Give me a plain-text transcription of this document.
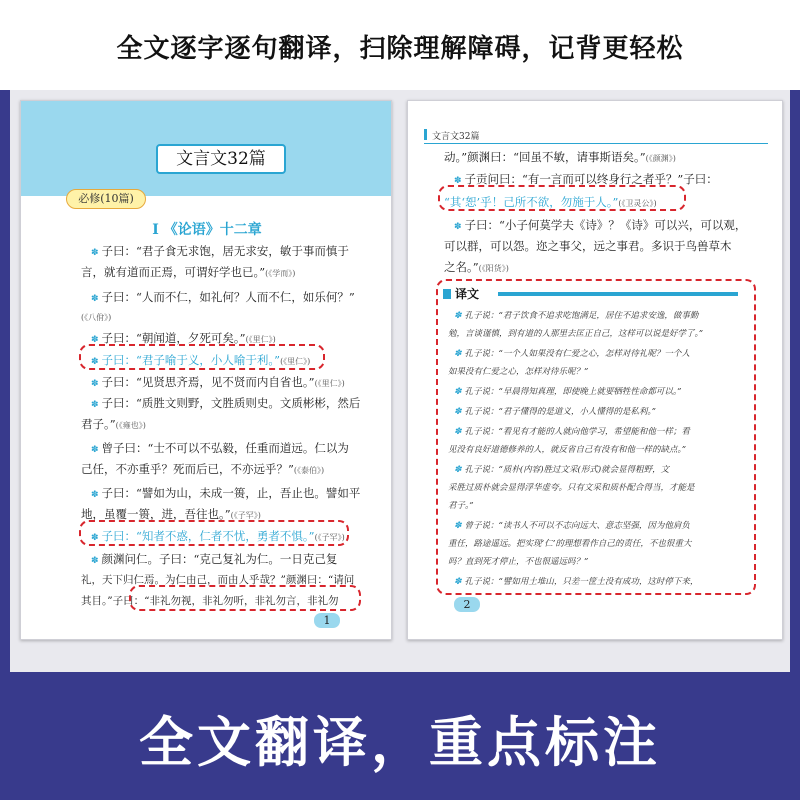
全文逐字逐句翻译，扫除理解障碍，记背更轻松
文言文32篇
必修(10篇)
Ⅰ 《论语》十二章
✽ 子曰：“君子食无求饱，居无求安，敏于事而慎于
言，就有道而正焉，可谓好学也已。”(《学而》)
✽ 子曰：“人而不仁，如礼何？人而不仁，如乐何？”
(《八佾》)
✽ 子曰：“朝闻道，夕死可矣。”(《里仁》)
✽ 子曰：“君子喻于义，小人喻于利。”(《里仁》)
✽ 子曰：“见贤思齐焉，见不贤而内自省也。”(《里仁》)
✽ 子曰：“质胜文则野，文胜质则史。文质彬彬，然后
君子。”(《雍也》)
✽ 曾子曰：“士不可以不弘毅，任重而道远。仁以为
己任，不亦重乎？死而后已，不亦远乎？”(《泰伯》)
✽ 子曰：“譬如为山，未成一篑，止，吾止也。譬如平
地，虽覆一篑，进，吾往也。”(《子罕》)
✽ 子曰：“知者不惑，仁者不忧，勇者不惧。”(《子罕》)
✽ 颜渊问仁。子曰：“克己复礼为仁。一日克己复
礼，天下归仁焉。为仁由己，而由人乎哉？”颜渊曰：“请问
其目。”子曰：“非礼勿视，非礼勿听，非礼勿言，非礼勿
1
文言文32篇
动。”颜渊曰：“回虽不敏，请事斯语矣。”(《颜渊》)
✽ 子贡问曰：“有一言而可以终身行之者乎？”子曰：
“其‘恕’乎！己所不欲，勿施于人。”(《卫灵公》)
✽ 子曰：“小子何莫学夫《诗》？《诗》可以兴，可以观，
可以群，可以怨。迩之事父，远之事君。多识于鸟兽草木
之名。”(《阳货》)
译文
✽ 孔子说：“君子饮食不追求吃饱满足，居住不追求安逸，做事勤
勉，言谈谨慎，到有道的人那里去匡正自己，这样可以说是好学了。”
✽ 孔子说：“一个人如果没有仁爱之心，怎样对待礼呢？一个人
如果没有仁爱之心，怎样对待乐呢？”
✽ 孔子说：“早晨得知真理，即使晚上就要牺牲性命都可以。”
✽ 孔子说：“君子懂得的是道义，小人懂得的是私利。”
✽ 孔子说：“看见有才能的人就向他学习，希望能和他一样；看
见没有良好道德修养的人，就反省自己有没有和他一样的缺点。”
✽ 孔子说：“质朴(内容)胜过文采(形式)就会显得粗野，文
采胜过质朴就会显得浮华虚夸。只有文采和质朴配合得当，才能是
君子。”
✽ 曾子说：“读书人不可以不志向远大、意志坚强，因为他肩负
重任，路途遥远。把实现‘仁’的理想看作自己的责任，不也很重大
吗？直到死才停止，不也很遥远吗？”
✽ 孔子说：“譬如用土堆山，只差一筐土没有成功，这时停下来，
2
全文翻译，重点标注
